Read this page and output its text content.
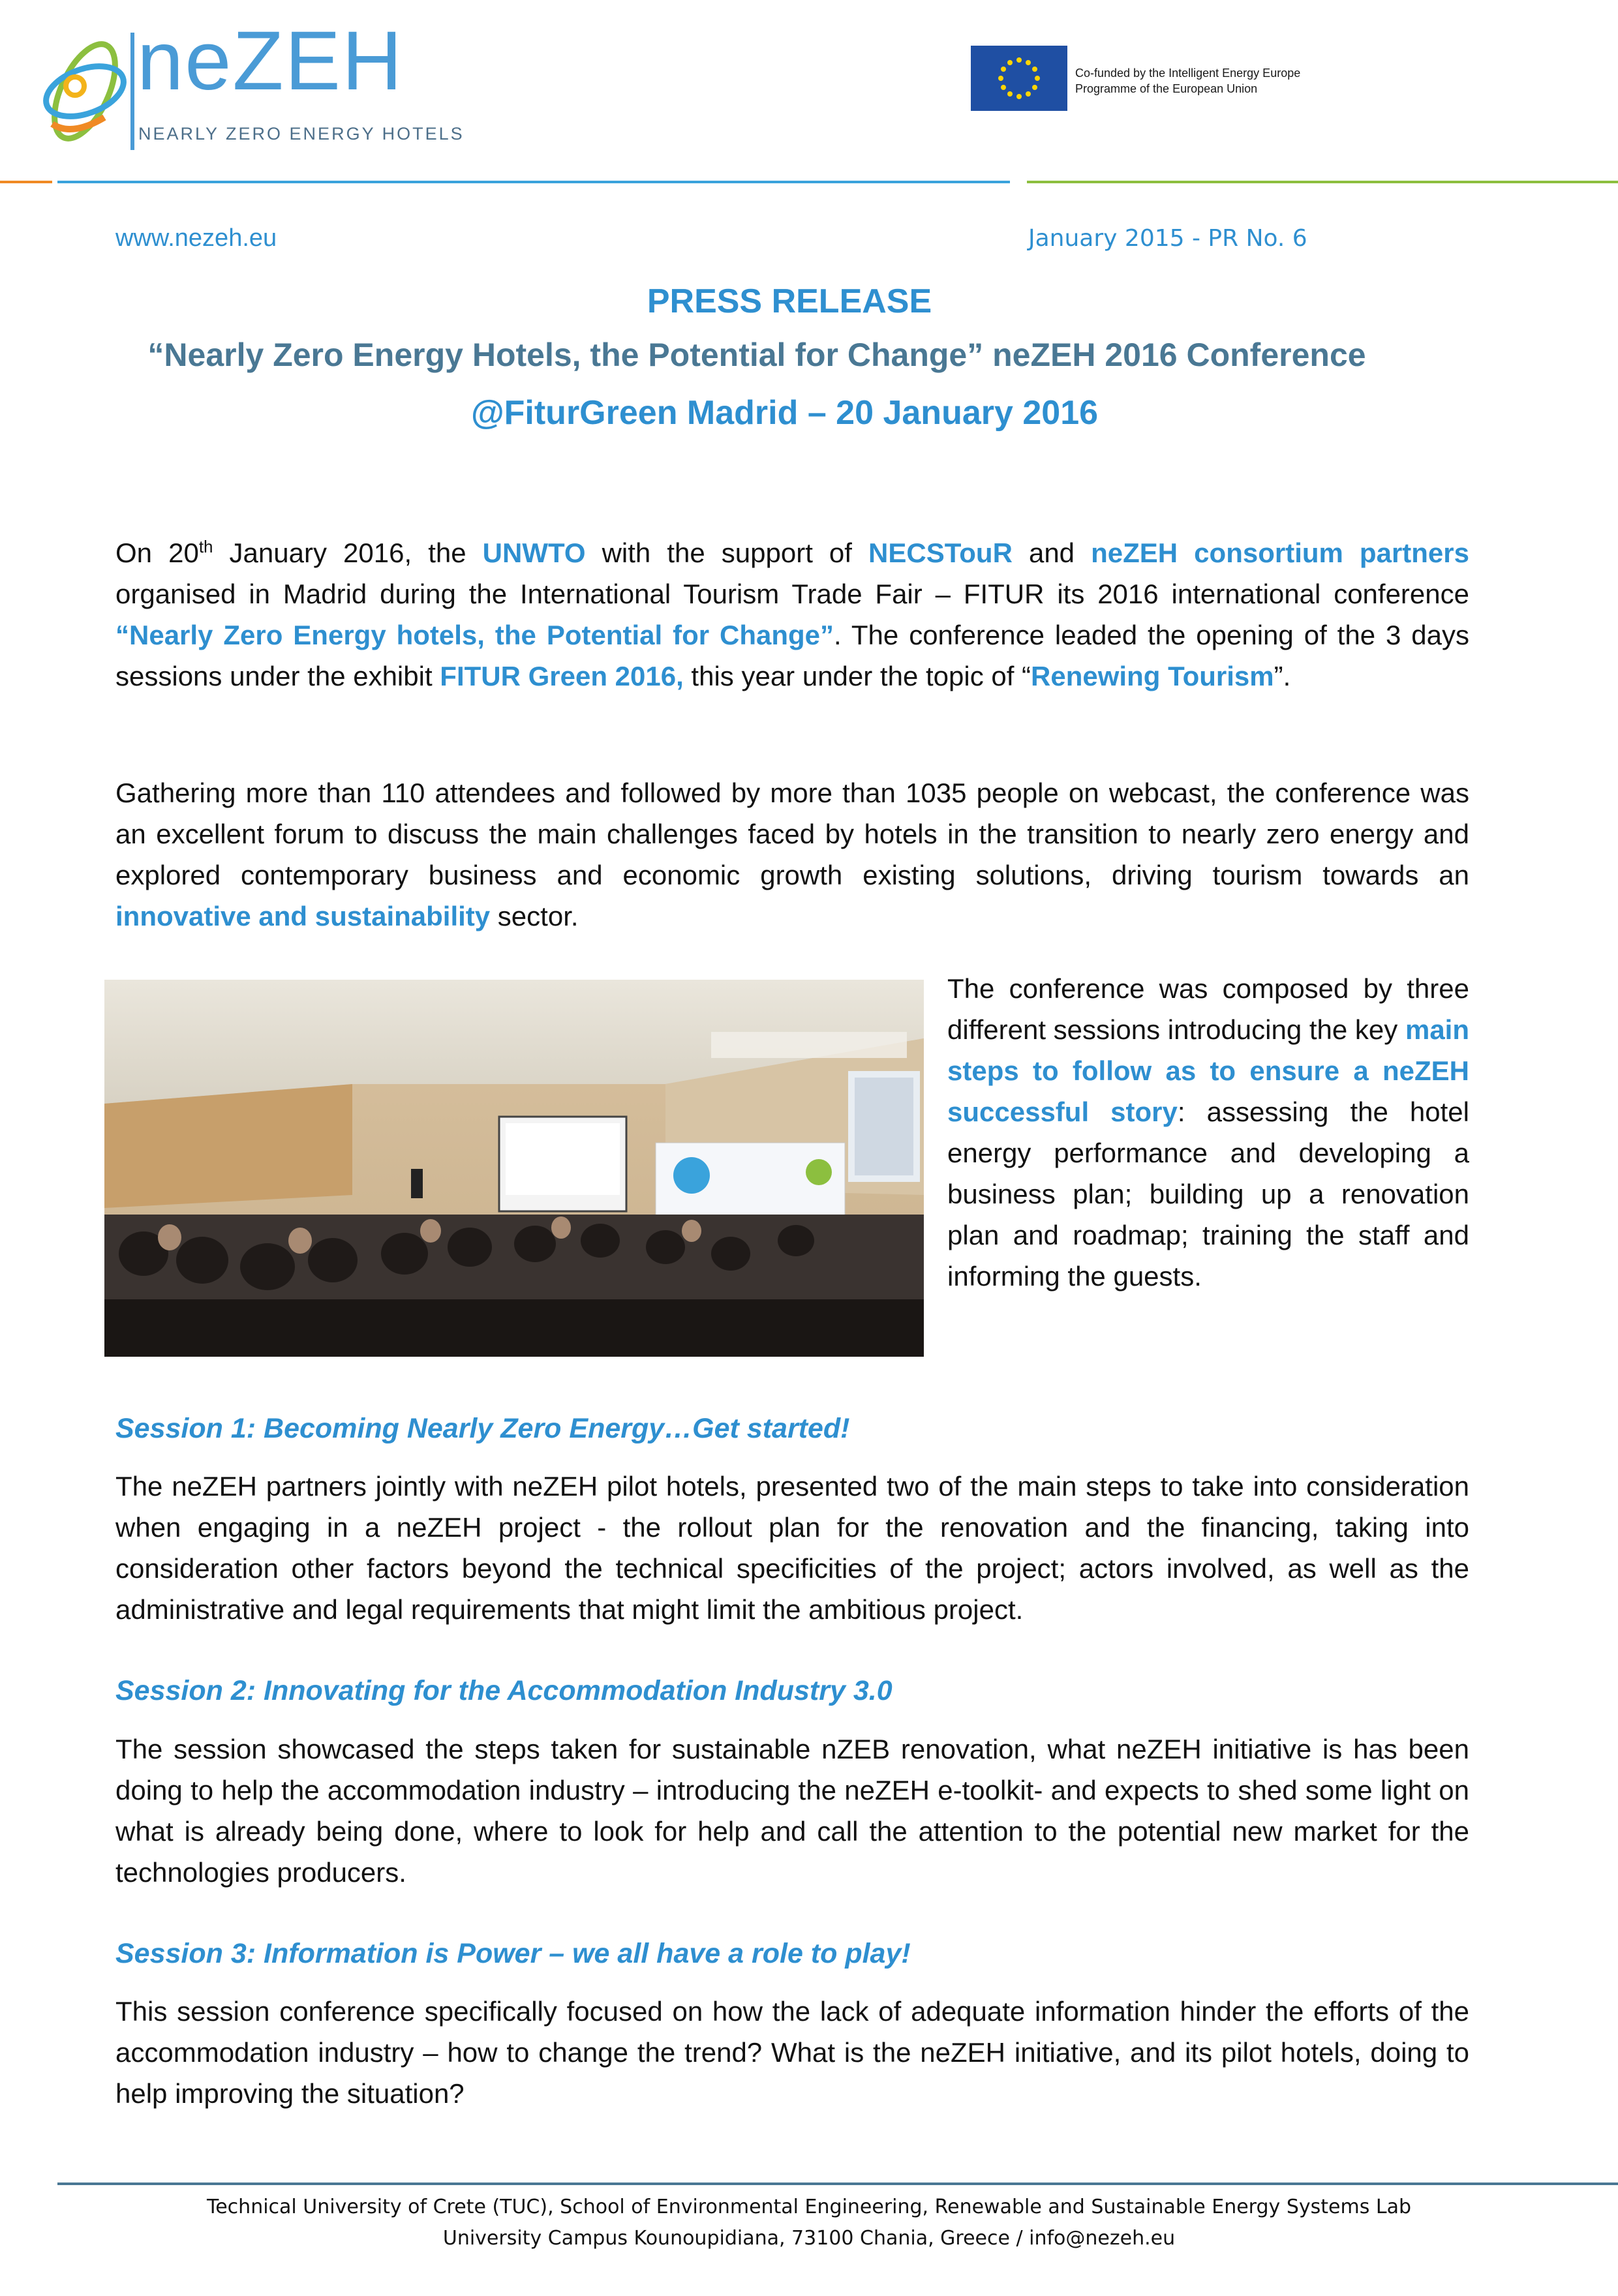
neZEH
NEARLY ZERO ENERGY HOTELS
Co-funded by the Intelligent Energy Europe
Programme of the European Union
www.nezeh.eu	January 2015 - PR No. 6
PRESS RELEASE
“Nearly Zero Energy Hotels, the Potential for Change” neZEH 2016 Conference
@FiturGreen Madrid – 20 January 2016
On 20th January 2016, the UNWTO with the support of NECSTouR and neZEH consortium partners organised in Madrid during the International Tourism Trade Fair – FITUR its 2016 international conference “Nearly Zero Energy hotels, the Potential for Change”. The conference leaded the opening of the 3 days sessions under the exhibit FITUR Green 2016, this year under the topic of “Renewing Tourism”.
Gathering more than 110 attendees and followed by more than 1035 people on webcast, the conference was an excellent forum to discuss the main challenges faced by hotels in the transition to nearly zero energy and explored contemporary business and economic growth existing solutions, driving tourism towards an innovative and sustainability sector.
The conference was composed by three different sessions introducing the key main steps to follow as to ensure a neZEH successful story: assessing the hotel energy performance and developing a business plan; building up a renovation plan and roadmap; training the staff and informing the guests.
Session 1: Becoming Nearly Zero Energy…Get started!
The neZEH partners jointly with neZEH pilot hotels, presented two of the main steps to take into consideration when engaging in a neZEH project - the rollout plan for the renovation and the financing, taking into consideration other factors beyond the technical specificities of the project; actors involved, as well as the administrative and legal requirements that might limit the ambitious project.
Session 2: Innovating for the Accommodation Industry 3.0
The session showcased the steps taken for sustainable nZEB renovation, what neZEH initiative is has been doing to help the accommodation industry – introducing the neZEH e-toolkit- and expects to shed some light on what is already being done, where to look for help and call the attention to the potential new market for the technologies producers.
Session 3: Information is Power – we all have a role to play!
This session conference specifically focused on how the lack of adequate information hinder the efforts of the accommodation industry – how to change the trend? What is the neZEH initiative, and its pilot hotels, doing to help improving the situation?
Technical University of Crete (TUC), School of Environmental Engineering, Renewable and Sustainable Energy Systems Lab
University Campus Kounoupidiana, 73100 Chania, Greece / info@nezeh.eu
